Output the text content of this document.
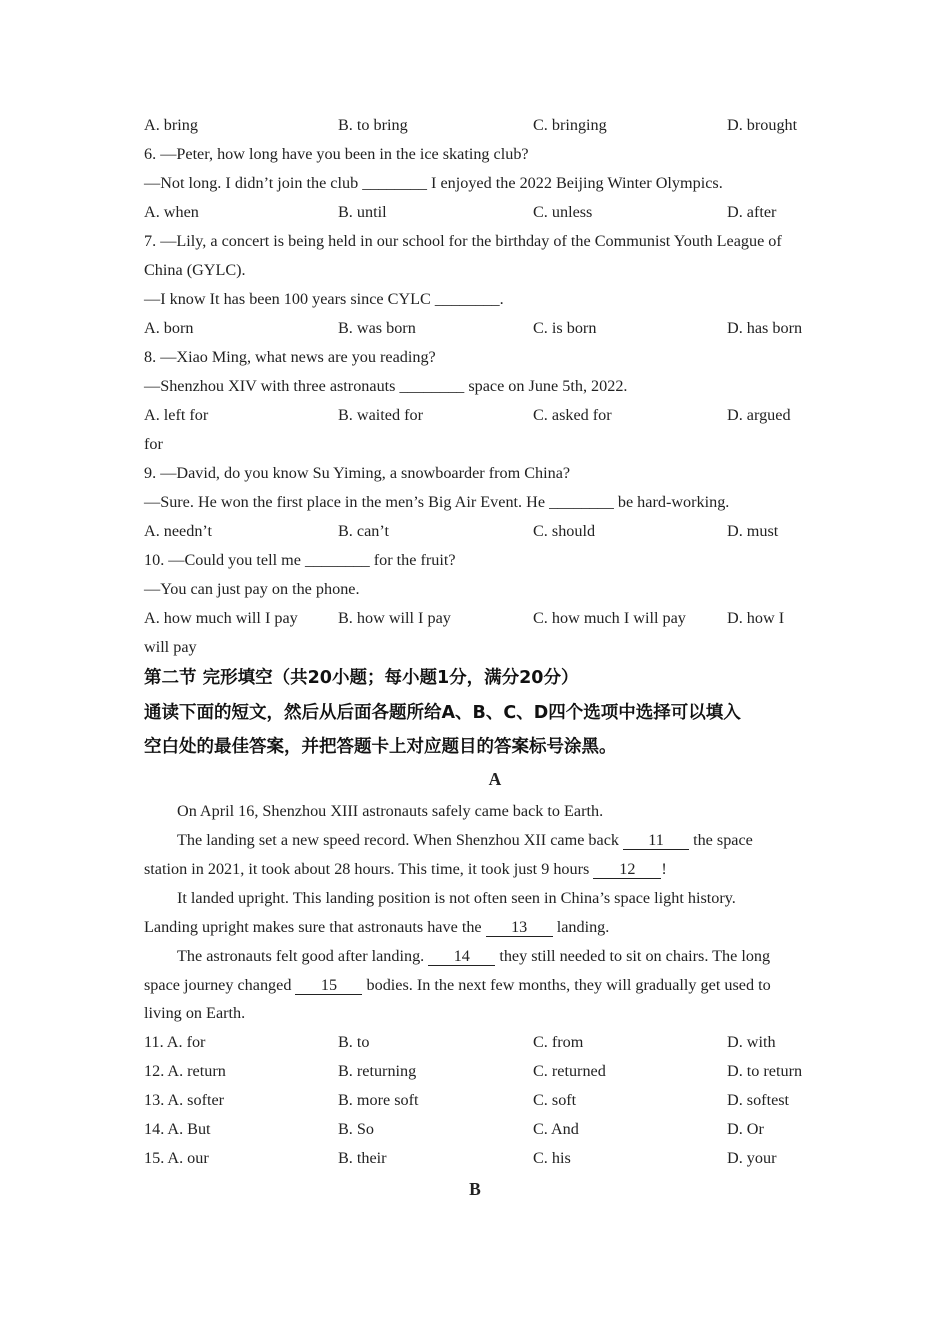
A. bring	B. to bring	C. bringing	D. brought
6. —Peter, how long have you been in the ice skating club?
—Not long. I didn’t join the club ________ I enjoyed the 2022 Beijing Winter Olympics.
A. when	B. until	C. unless	D. after
7. —Lily, a concert is being held in our school for the birthday of the Communist Youth League of
China (GYLC).
—I know It has been 100 years since CYLC ________.
A. born	B. was born	C. is born	D. has born
8. —Xiao Ming, what news are you reading?
—Shenzhou XIV with three astronauts ________ space on June 5th, 2022.
A. left for	B. waited for	C. asked for	D. argued
for
9. —David, do you know Su Yiming, a snowboarder from China?
—Sure. He won the first place in the men’s Big Air Event. He ________ be hard-working.
A. needn’t	B. can’t	C. should	D. must
10. —Could you tell me ________ for the fruit?
—You can just pay on the phone.
A. how much will I pay B. how will I pay	C. how much I will pay	D. how I
will pay
第二节 完形填空（共20小题；每小题1分，满分20分）
通读下面的短文，然后从后面各题所给A、B、C、D四个选项中选择可以填入
空白处的最佳答案，并把答题卡上对应题目的答案标号涂黑。
A
On April 16, Shenzhou XIII astronauts safely came back to Earth.
The landing set a new speed record. When Shenzhou XII came back 11 the space
station in 2021, it took about 28 hours. This time, it took just 9 hours 12 !
It landed upright. This landing position is not often seen in China’s space light history.
Landing upright makes sure that astronauts have the 13 landing.
The astronauts felt good after landing. 14 they still needed to sit on chairs. The long
space journey changed 15 bodies. In the next few months, they will gradually get used to
living on Earth.
11. A. for	B. to	C. from	D. with
12. A. return	B. returning	C. returned	D. to return
13. A. softer	B. more soft	C. soft	D. softest
14. A. But	B. So	C. And	D. Or
15. A. our	B. their	C. his	D. your
B
